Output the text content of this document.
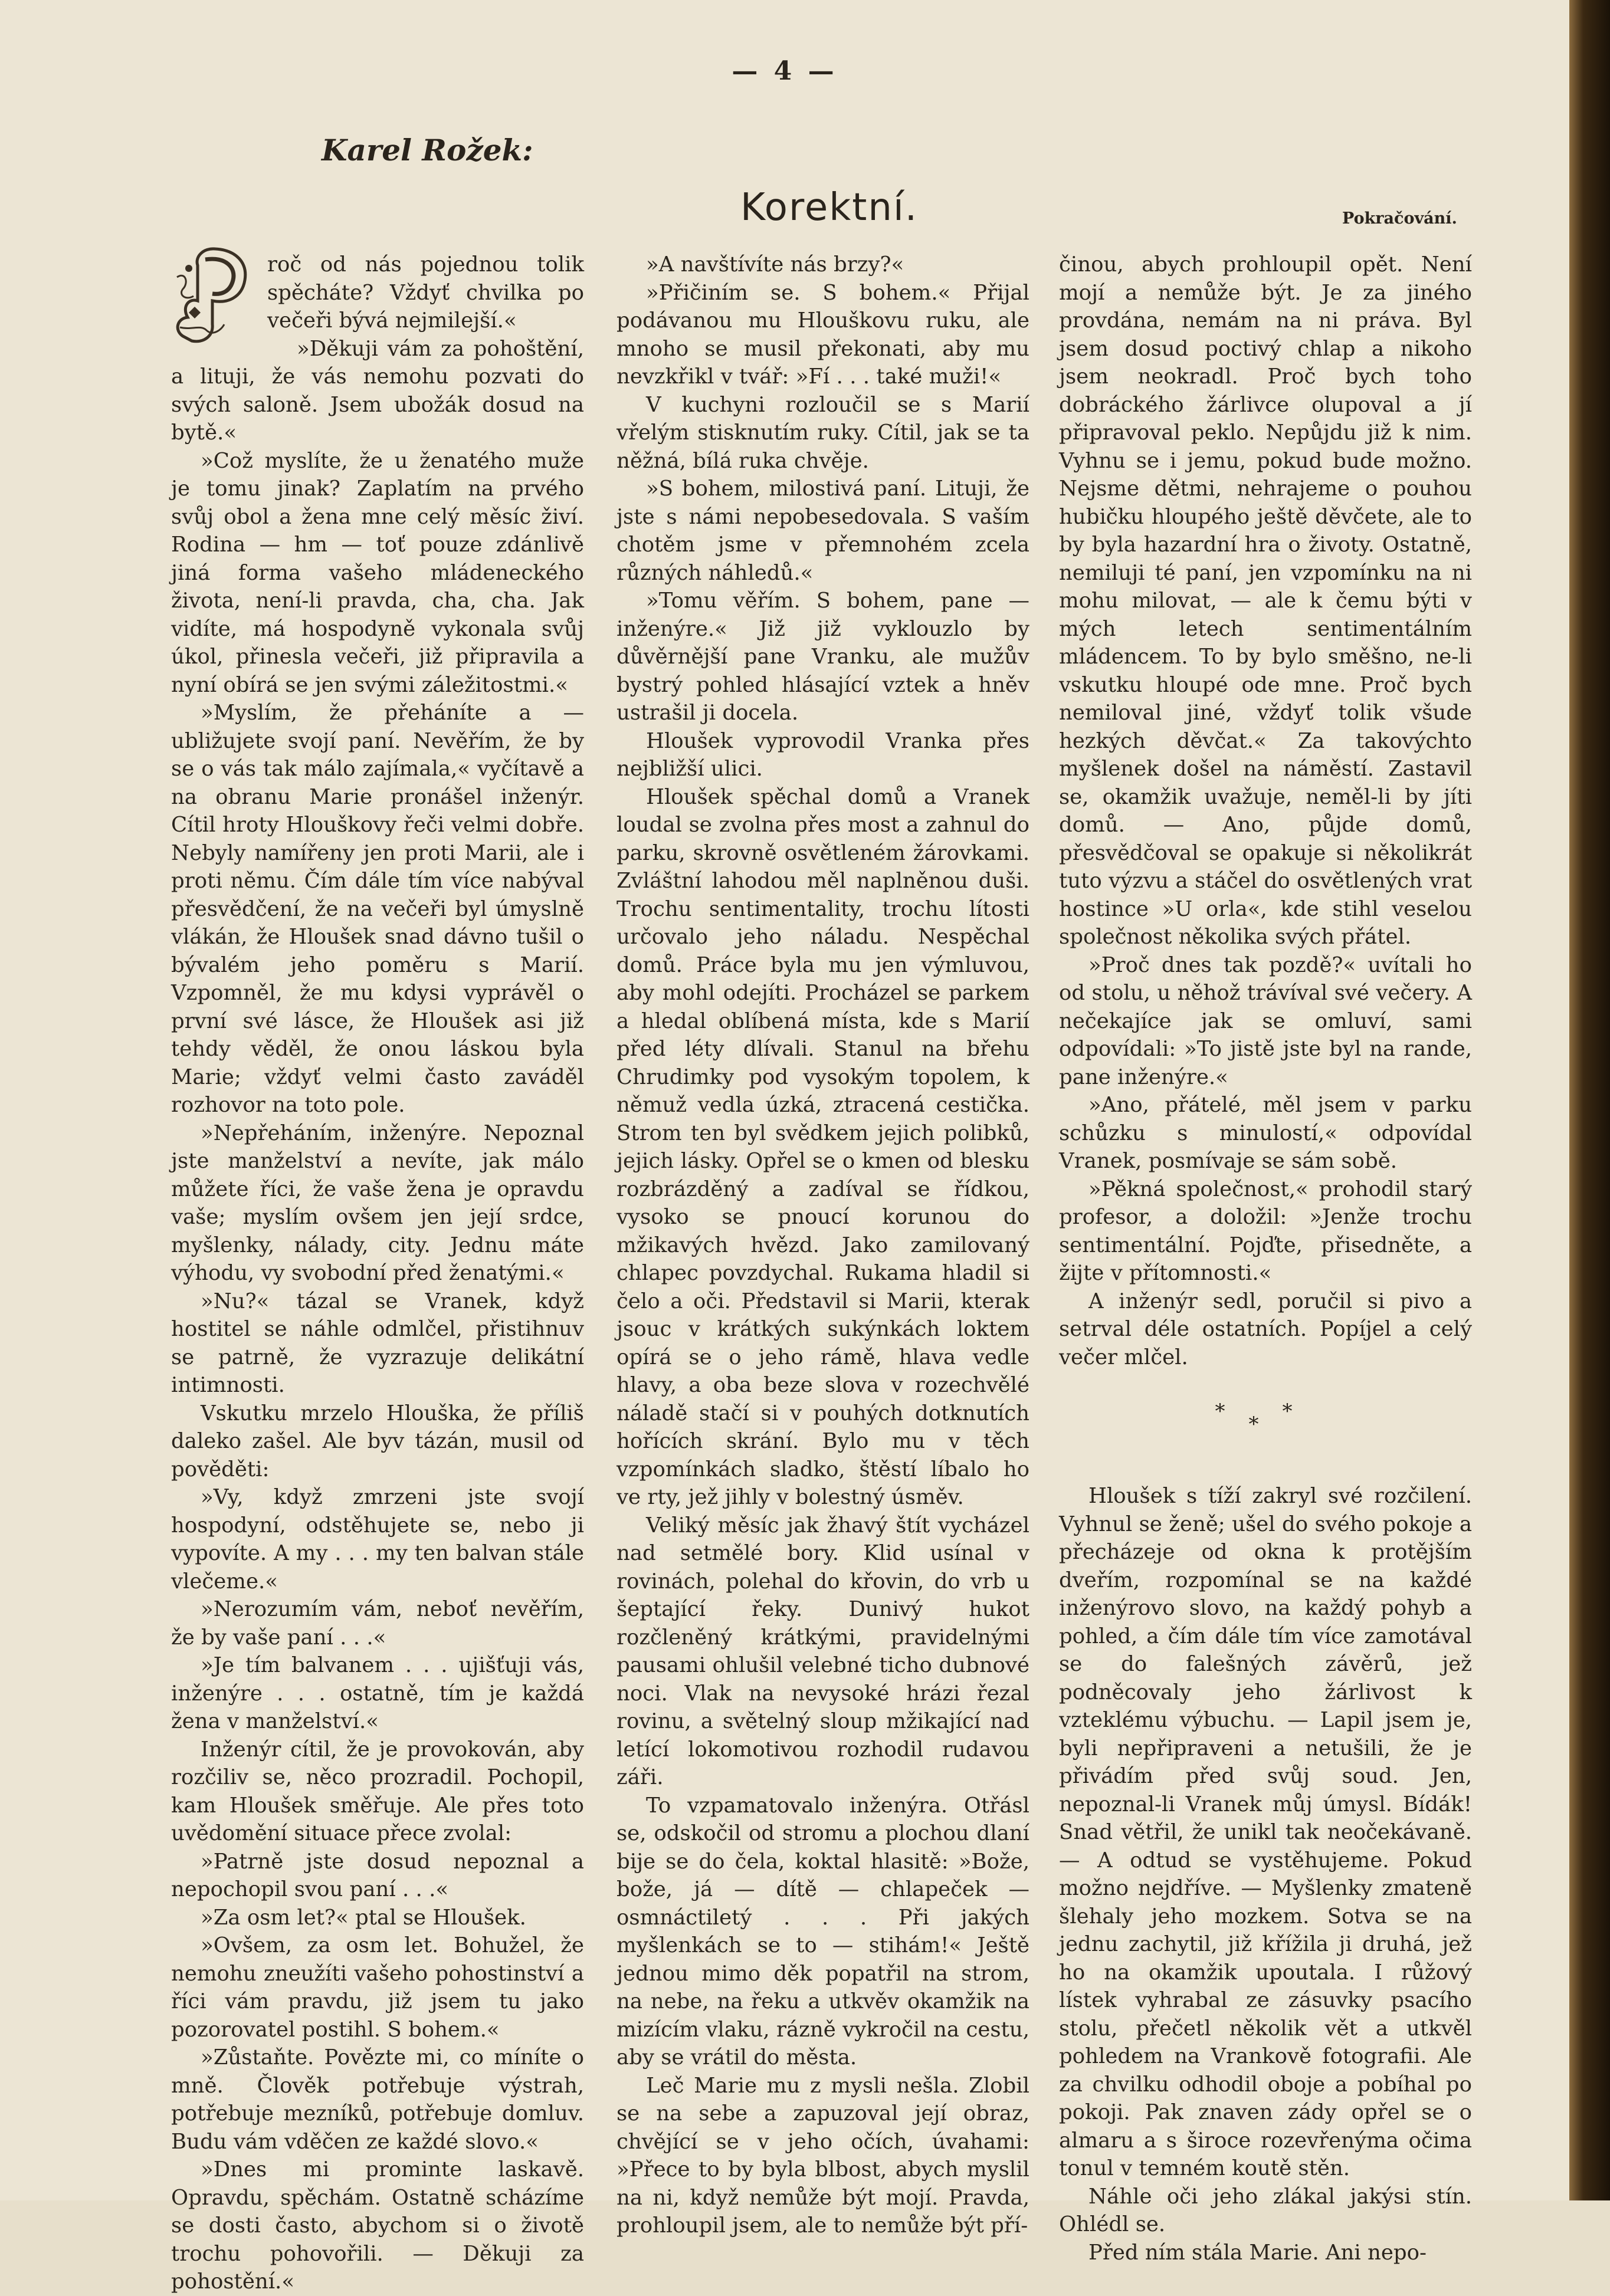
— 4 —
Karel Rožek:
Korektní.	Pokračování.

roč od nás pojednou tolik spěcháte? Vždyť chvilka po večeři bývá nejmilejší.«

»Děkuji vám za pohoštění, a lituji, že vás nemohu pozvati do svých saloně. Jsem ubožák dosud na bytě.«

»Což myslíte, že u ženatého muže je tomu jinak? Zaplatím na prvého svůj obol a žena mne celý měsíc živí. Rodina — hm — toť pouze zdánlivě jiná forma vašeho mládeneckého života, není-li pravda, cha, cha. Jak vidíte, má hospodyně vykonala svůj úkol, přinesla večeři, již připravila a nyní obírá se jen svými záležitostmi.«

»Myslím, že přeháníte a — ubližujete svojí paní. Nevěřím, že by se o vás tak málo zajímala,« vyčítavě a na obranu Marie pronášel inženýr. Cítil hroty Hlouškovy řeči velmi dobře. Nebyly namířeny jen proti Marii, ale i proti němu. Čím dále tím více nabýval přesvědčení, že na večeři byl úmyslně vlákán, že Hloušek snad dávno tušil o bývalém jeho poměru s Marií. Vzpomněl, že mu kdysi vyprávěl o první své lásce, že Hloušek asi již tehdy věděl, že onou láskou byla Marie; vždyť velmi často zaváděl rozhovor na toto pole.

»Nepřeháním, inženýre. Nepoznal jste manželství a nevíte, jak málo můžete říci, že vaše žena je opravdu vaše; myslím ovšem jen její srdce, myšlenky, nálady, city. Jednu máte výhodu, vy svobodní před ženatými.«

»Nu?« tázal se Vranek, když hostitel se náhle odmlčel, přistihnuv se patrně, že vyzrazuje delikátní intimnosti.

Vskutku mrzelo Hlouška, že příliš daleko zašel. Ale byv tázán, musil od pověděti:

»Vy, když zmrzeni jste svojí hospodyní, odstěhujete se, nebo ji vypovíte. A my . . . my ten balvan stále vlečeme.«

»Nerozumím vám, neboť nevěřím, že by vaše paní . . .«

»Je tím balvanem . . . ujišťuji vás, inženýre . . . ostatně, tím je každá žena v manželství.«

Inženýr cítil, že je provokován, aby rozčiliv se, něco prozradil. Pochopil, kam Hloušek směřuje. Ale přes toto uvědomění situace přece zvolal:

»Patrně jste dosud nepoznal a nepochopil svou paní . . .«

»Za osm let?« ptal se Hloušek.

»Ovšem, za osm let. Bohužel, že nemohu zneužíti vašeho pohostinství a říci vám pravdu, již jsem tu jako pozorovatel postihl. S bohem.«

»Zůstaňte. Povězte mi, co míníte o mně. Člověk potřebuje výstrah, potřebuje mezníků, potřebuje domluv. Budu vám vděčen ze každé slovo.«

»Dnes mi prominte laskavě. Opravdu, spěchám. Ostatně scházíme se dosti často, abychom si o životě trochu pohovořili. — Děkuji za pohostění.«

»A navštívíte nás brzy?«

»Přičiním se. S bohem.« Přijal podávanou mu Hlouškovu ruku, ale mnoho se musil překonati, aby mu nevzkřikl v tvář: »Fí . . . také muži!«

V kuchyni rozloučil se s Marií vřelým stisknutím ruky. Cítil, jak se ta něžná, bílá ruka chvěje.

»S bohem, milostivá paní. Lituji, že jste s námi nepobesedovala. S vaším chotěm jsme v přemnohém zcela různých náhledů.«

»Tomu věřím. S bohem, pane — inženýre.« Již již vyklouzlo by důvěrnější pane Vranku, ale mužův bystrý pohled hlásající vztek a hněv ustrašil ji docela.

Hloušek vyprovodil Vranka přes nejbližší ulici.

Hloušek spěchal domů a Vranek loudal se zvolna přes most a zahnul do parku, skrovně osvětleném žárovkami. Zvláštní lahodou měl naplněnou duši. Trochu sentimentality, trochu lítosti určovalo jeho náladu. Nespěchal domů. Práce byla mu jen výmluvou, aby mohl odejíti. Procházel se parkem a hledal oblíbená místa, kde s Marií před léty dlívali. Stanul na břehu Chrudimky pod vysokým topolem, k němuž vedla úzká, ztracená cestička. Strom ten byl svědkem jejich polibků, jejich lásky. Opřel se o kmen od blesku rozbrázděný a zadíval se řídkou, vysoko se pnoucí korunou do mžikavých hvězd. Jako zamilovaný chlapec povzdychal. Rukama hladil si čelo a oči. Představil si Marii, kterak jsouc v krátkých sukýnkách loktem opírá se o jeho rámě, hlava vedle hlavy, a oba beze slova v rozechvělé náladě stačí si v pouhých dotknutích hořících skrání. Bylo mu v těch vzpomínkách sladko, štěstí líbalo ho ve rty, jež jihly v bolestný úsměv.

Veliký měsíc jak žhavý štít vycházel nad setmělé bory. Klid usínal v rovinách, polehal do křovin, do vrb u šeptající řeky. Dunivý hukot rozčleněný krátkými, pravidelnými pausami ohlušil velebné ticho dubnové noci. Vlak na nevysoké hrázi řezal rovinu, a světelný sloup mžikající nad letící lokomotivou rozhodil rudavou záři.

To vzpamatovalo inženýra. Otřásl se, odskočil od stromu a plochou dlaní bije se do čela, koktal hlasitě: »Bože, bože, já — dítě — chlapeček — osmnáctiletý . . . Při jakých myšlenkách se to — stihám!« Ještě jednou mimo děk popatřil na strom, na nebe, na řeku a utkvěv okamžik na mizícím vlaku, rázně vykročil na cestu, aby se vrátil do města.

Leč Marie mu z mysli nešla. Zlobil se na sebe a zapuzoval její obraz, chvějící se v jeho očích, úvahami: »Přece to by byla blbost, abych myslil na ni, když nemůže být mojí. Pravda, prohloupil jsem, ale to nemůže být pří-

činou, abych prohloupil opět. Není mojí a nemůže být. Je za jiného provdána, nemám na ni práva. Byl jsem dosud poctivý chlap a nikoho jsem neokradl. Proč bych toho dobráckého žárlivce olupoval a jí připravoval peklo. Nepůjdu již k nim. Vyhnu se i jemu, pokud bude možno. Nejsme dětmi, nehrajeme o pouhou hubičku hloupého ještě děvčete, ale to by byla hazardní hra o životy. Ostatně, nemiluji té paní, jen vzpomínku na ni mohu milovat, — ale k čemu býti v mých letech sentimentálním mládencem. To by bylo směšno, ne-li vskutku hloupé ode mne. Proč bych nemiloval jiné, vždyť tolik všude hezkých děvčat.« Za takovýchto myšlenek došel na náměstí. Zastavil se, okamžik uvažuje, neměl-li by jíti domů. — Ano, půjde domů, přesvědčoval se opakuje si několikrát tuto výzvu a stáčel do osvětlených vrat hostince »U orla«, kde stihl veselou společnost několika svých přátel.

»Proč dnes tak pozdě?« uvítali ho od stolu, u něhož trávíval své večery. A nečekajíce jak se omluví, sami odpovídali: »To jistě jste byl na rande, pane inženýre.«

»Ano, přátelé, měl jsem v parku schůzku s minulostí,« odpovídal Vranek, posmívaje se sám sobě.

»Pěkná společnost,« prohodil starý profesor, a doložil: »Jenže trochu sentimentální. Pojďte, přisedněte, a žijte v přítomnosti.«

A inženýr sedl, poručil si pivo a setrval déle ostatních. Popíjel a celý večer mlčel.

***

Hloušek s tíží zakryl své rozčilení. Vyhnul se ženě; ušel do svého pokoje a přecházeje od okna k protějším dveřím, rozpomínal se na každé inženýrovo slovo, na každý pohyb a pohled, a čím dále tím více zamotával se do falešných závěrů, jež podněcovaly jeho žárlivost k vzteklému výbuchu. — Lapil jsem je, byli nepřipraveni a netušili, že je přivádím před svůj soud. Jen, nepoznal-li Vranek můj úmysl. Bídák! Snad větřil, že unikl tak neočekávaně. — A odtud se vystěhujeme. Pokud možno nejdříve. — Myšlenky zmateně šlehaly jeho mozkem. Sotva se na jednu zachytil, již křížila ji druhá, jež ho na okamžik upoutala. I růžový lístek vyhrabal ze zásuvky psacího stolu, přečetl několik vět a utkvěl pohledem na Vrankově fotografii. Ale za chvilku odhodil oboje a pobíhal po pokoji. Pak znaven zády opřel se o almaru a s široce rozevřenýma očima tonul v temném koutě stěn.

Náhle oči jeho zlákal jakýsi stín. Ohlédl se.

Před ním stála Marie. Ani nepo-
